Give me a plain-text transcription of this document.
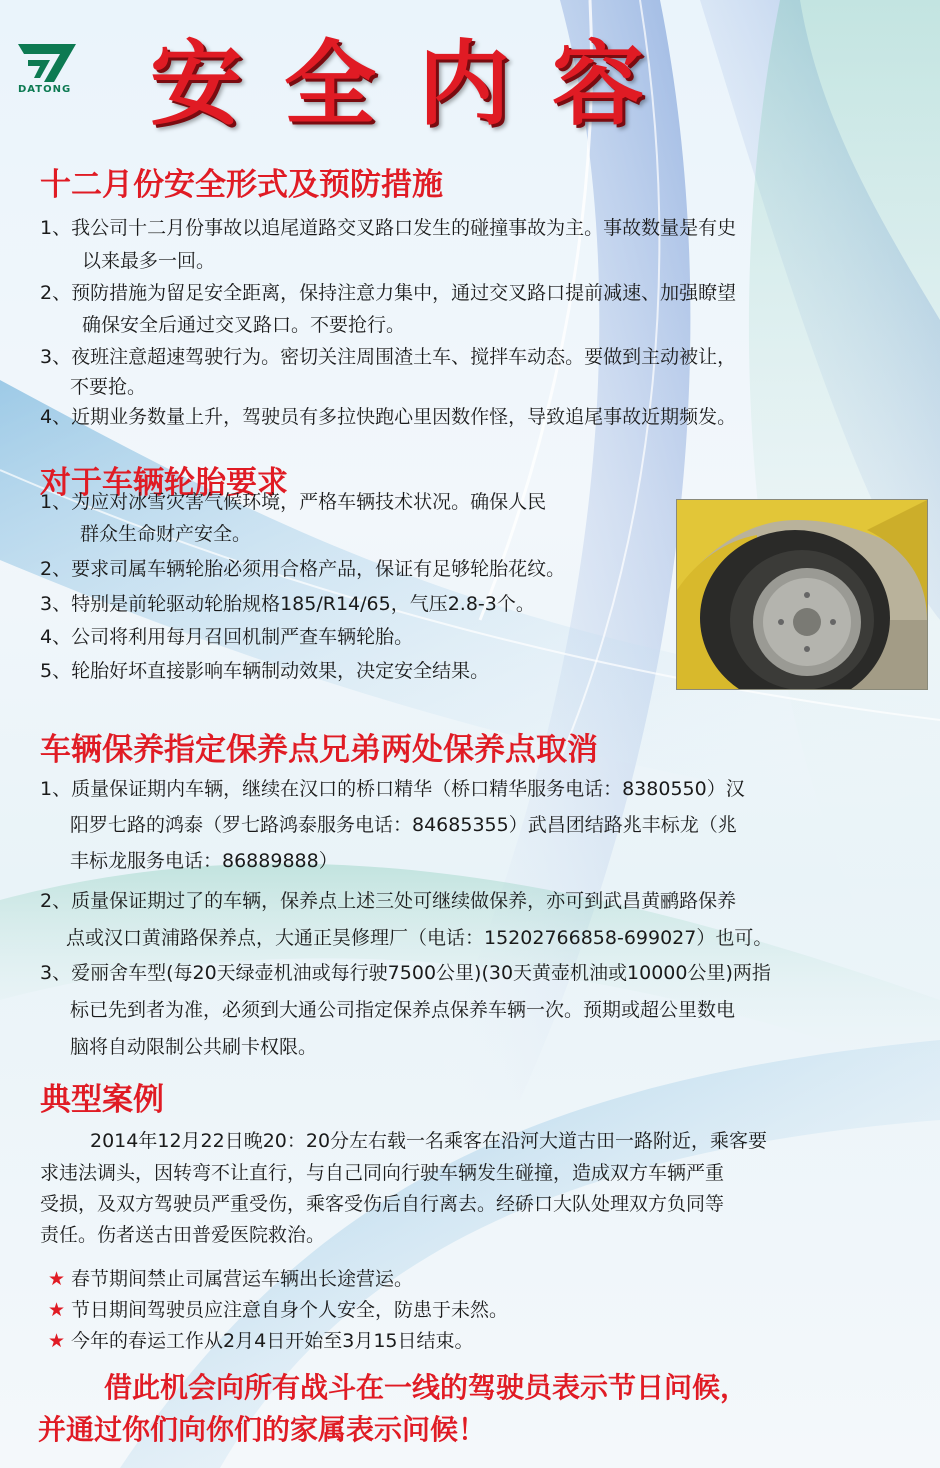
DATONG 安全内容
十二月份安全形式及预防措施
1、我公司十二月份事故以追尾道路交叉路口发生的碰撞事故为主。事故数量是有史
以来最多一回。
2、预防措施为留足安全距离，保持注意力集中，通过交叉路口提前减速、加强瞭望
确保安全后通过交叉路口。不要抢行。
3、夜班注意超速驾驶行为。密切关注周围渣土车、搅拌车动态。要做到主动被让，
不要抢。
4、近期业务数量上升，驾驶员有多拉快跑心里因数作怪，导致追尾事故近期频发。
对于车辆轮胎要求
1、为应对冰雪灾害气候环境，严格车辆技术状况。确保人民
群众生命财产安全。
2、要求司属车辆轮胎必须用合格产品，保证有足够轮胎花纹。
3、特别是前轮驱动轮胎规格185/R14/65，气压2.8-3个。
4、公司将利用每月召回机制严查车辆轮胎。
5、轮胎好坏直接影响车辆制动效果，决定安全结果。
车辆保养指定保养点兄弟两处保养点取消
1、质量保证期内车辆，继续在汉口的桥口精华（桥口精华服务电话：8380550）汉
阳罗七路的鸿泰（罗七路鸿泰服务电话：84685355）武昌团结路兆丰标龙（兆
丰标龙服务电话：86889888）
2、质量保证期过了的车辆，保养点上述三处可继续做保养，亦可到武昌黄鹂路保养
点或汉口黄浦路保养点，大通正昊修理厂（电话：15202766858-699027）也可。
3、爱丽舍车型(每20天绿壶机油或每行驶7500公里)(30天黄壶机油或10000公里)两指
标已先到者为准，必须到大通公司指定保养点保养车辆一次。预期或超公里数电
脑将自动限制公共刷卡权限。
典型案例
2014年12月22日晚20：20分左右载一名乘客在沿河大道古田一路附近，乘客要
求违法调头，因转弯不让直行，与自己同向行驶车辆发生碰撞，造成双方车辆严重
受损，及双方驾驶员严重受伤，乘客受伤后自行离去。经硚口大队处理双方负同等
责任。伤者送古田普爱医院救治。
★ 春节期间禁止司属营运车辆出长途营运。
★ 节日期间驾驶员应注意自身个人安全，防患于未然。
★ 今年的春运工作从2月4日开始至3月15日结束。
借此机会向所有战斗在一线的驾驶员表示节日问候，
并通过你们向你们的家属表示问候！
